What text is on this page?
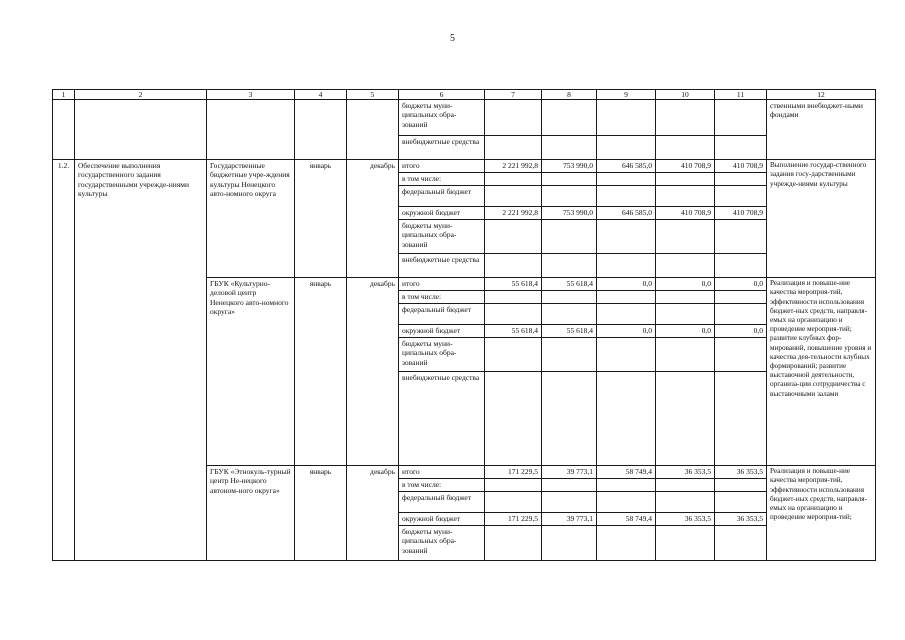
5
1	2	3	4	5	6	7	8	9	10	11	12
					бюджеты муни-ципальных обра-зований						ственными внебюджет-ными фондами
					внебюджетные средства						
1.2.	Обеспечение выполнения государственного задания государственными учрежде-ниями культуры	Государственные бюджетные учре-ждения культуры Ненецкого авто-номного округа	январь	декабрь	итого	2 221 992,8	753 990,0	646 585,0	410 708,9	410 708,9	Выполнение государ-ственного задания госу-дарственными учрежде-ниями культуры
					в том числе:						
					федеральный бюджет						
					окружной бюджет	2 221 992,8	753 990,0	646 585,0	410 708,9	410 708,9	
					бюджеты муни-ципальных обра-зований						
					внебюджетные средства						
		ГБУК «Культурно-деловой центр Ненецкого авто-номного округа»	январь	декабрь	итого	55 618,4	55 618,4	0,0	0,0	0,0	Реализация и повыше-ние качества мероприя-тий, эффективности использования бюджет-ных средств, направля-емых на организацию и проведение мероприя-тий; развитие клубных фор-мирований, повышение уровня и качества дея-тельности клубных формирований; развитие выставочной деятельности, организа-ции сотрудничества с выставочными залами
					в том числе:						
					федеральный бюджет						
					окружной бюджет	55 618,4	55 618,4	0,0	0,0	0,0	
					бюджеты муни-ципальных обра-зований						
					внебюджетные средства						
		ГБУК «Этнокуль-турный центр Не-нецкого автоном-ного округа»	январь	декабрь	итого	171 229,5	39 773,1	58 749,4	36 353,5	36 353,5	Реализация и повыше-ние качества мероприя-тий, эффективности использования бюджет-ных средств, направля-емых на организацию и проведение мероприя-тий;
					в том числе:						
					федеральный бюджет						
					окружной бюджет	171 229,5	39 773,1	58 749,4	36 353,5	36 353,5	
					бюджеты муни-ципальных обра-зований						
